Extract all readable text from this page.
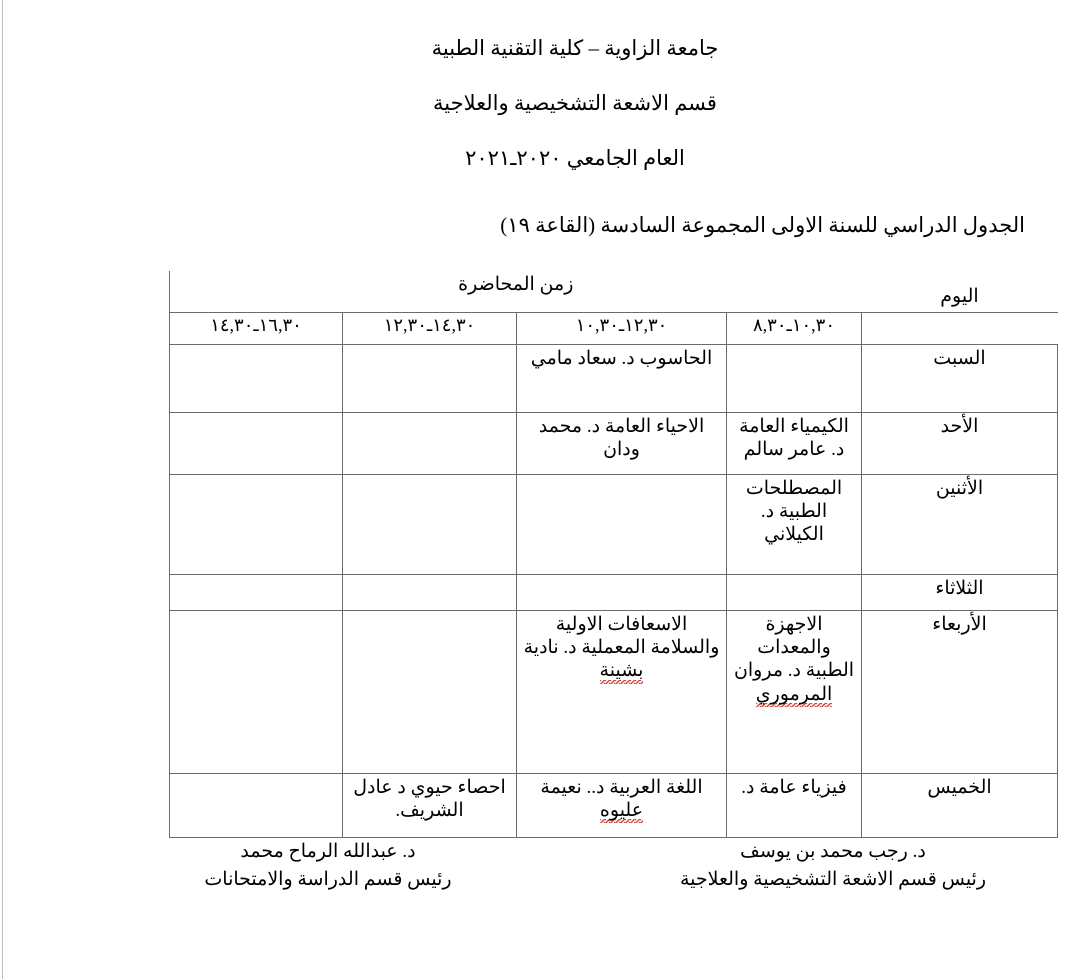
جامعة الزاوية – كلية التقنية الطبية
قسم الاشعة التشخيصية والعلاجية
العام الجامعي ٢٠٢٠ـ٢٠٢١
الجدول الدراسي للسنة الاولى المجموعة السادسة (القاعة ١٩)
اليوم	زمن المحاضرة			
	١٠,٣٠ـ٨,٣٠	١٢,٣٠ـ١٠,٣٠	١٤,٣٠ـ١٢,٣٠	١٦,٣٠ـ١٤,٣٠
السبت		الحاسوب د. سعاد مامي		
الأحد	الكيمياء العامة د. عامر سالم	الاحياء العامة د. محمد ودان		
الأثنين	المصطلحات الطبية د. الكيلاني			
الثلاثاء				
الأربعاء	الاجهزة والمعدات الطبية د. مروان المرموري	الاسعافات الاولية والسلامة المعملية د. نادية بشينة		
الخميس	فيزياء عامة د.	اللغة العربية د.. نعيمة عليوه	احصاء حيوي د عادل الشريف.	
د. رجب محمد بن يوسف
رئيس قسم الاشعة التشخيصية والعلاجية
د. عبدالله الرماح محمد
رئيس قسم الدراسة والامتحانات
